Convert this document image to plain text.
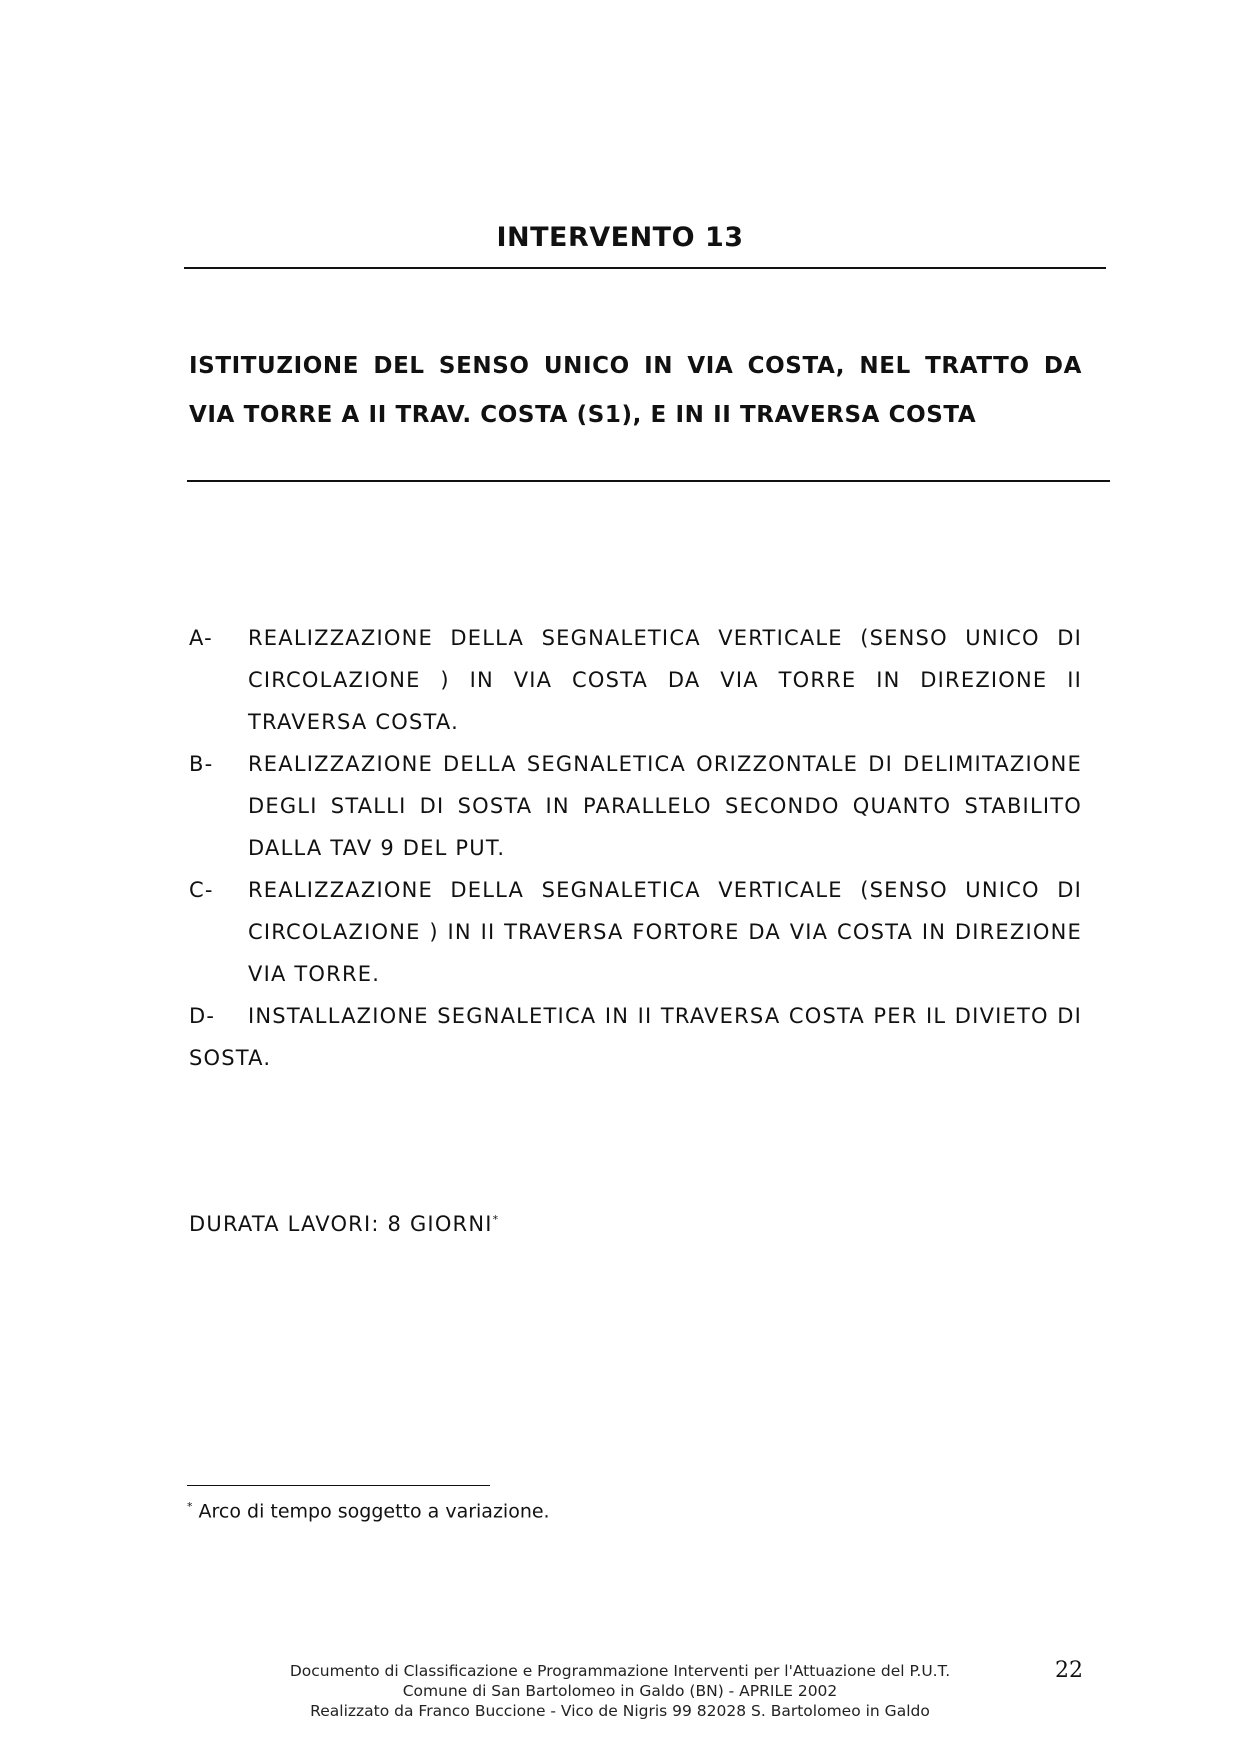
INTERVENTO 13
ISTITUZIONE DEL SENSO UNICO IN VIA COSTA, NEL TRATTO DA VIA TORRE A II TRAV. COSTA (S1), E IN II TRAVERSA COSTA
A-	REALIZZAZIONE DELLA SEGNALETICA VERTICALE (SENSO UNICO DI CIRCOLAZIONE ) IN VIA COSTA DA VIA TORRE IN DIREZIONE II TRAVERSA COSTA.
B-	REALIZZAZIONE DELLA SEGNALETICA ORIZZONTALE DI DELIMITAZIONE DEGLI STALLI DI SOSTA IN PARALLELO SECONDO QUANTO STABILITO DALLA TAV 9 DEL PUT.
C-	REALIZZAZIONE DELLA SEGNALETICA VERTICALE (SENSO UNICO DI CIRCOLAZIONE ) IN II TRAVERSA FORTORE DA VIA COSTA IN DIREZIONE VIA TORRE.
D- INSTALLAZIONE SEGNALETICA IN II TRAVERSA COSTA PER IL DIVIETO DI SOSTA.
DURATA LAVORI: 8 GIORNI*
* Arco di tempo soggetto a variazione.
Documento di Classificazione e Programmazione Interventi per l'Attuazione del P.U.T.
Comune di San Bartolomeo in Galdo (BN) - APRILE 2002
Realizzato da Franco Buccione - Vico de Nigris 99 82028 S. Bartolomeo in Galdo
22
